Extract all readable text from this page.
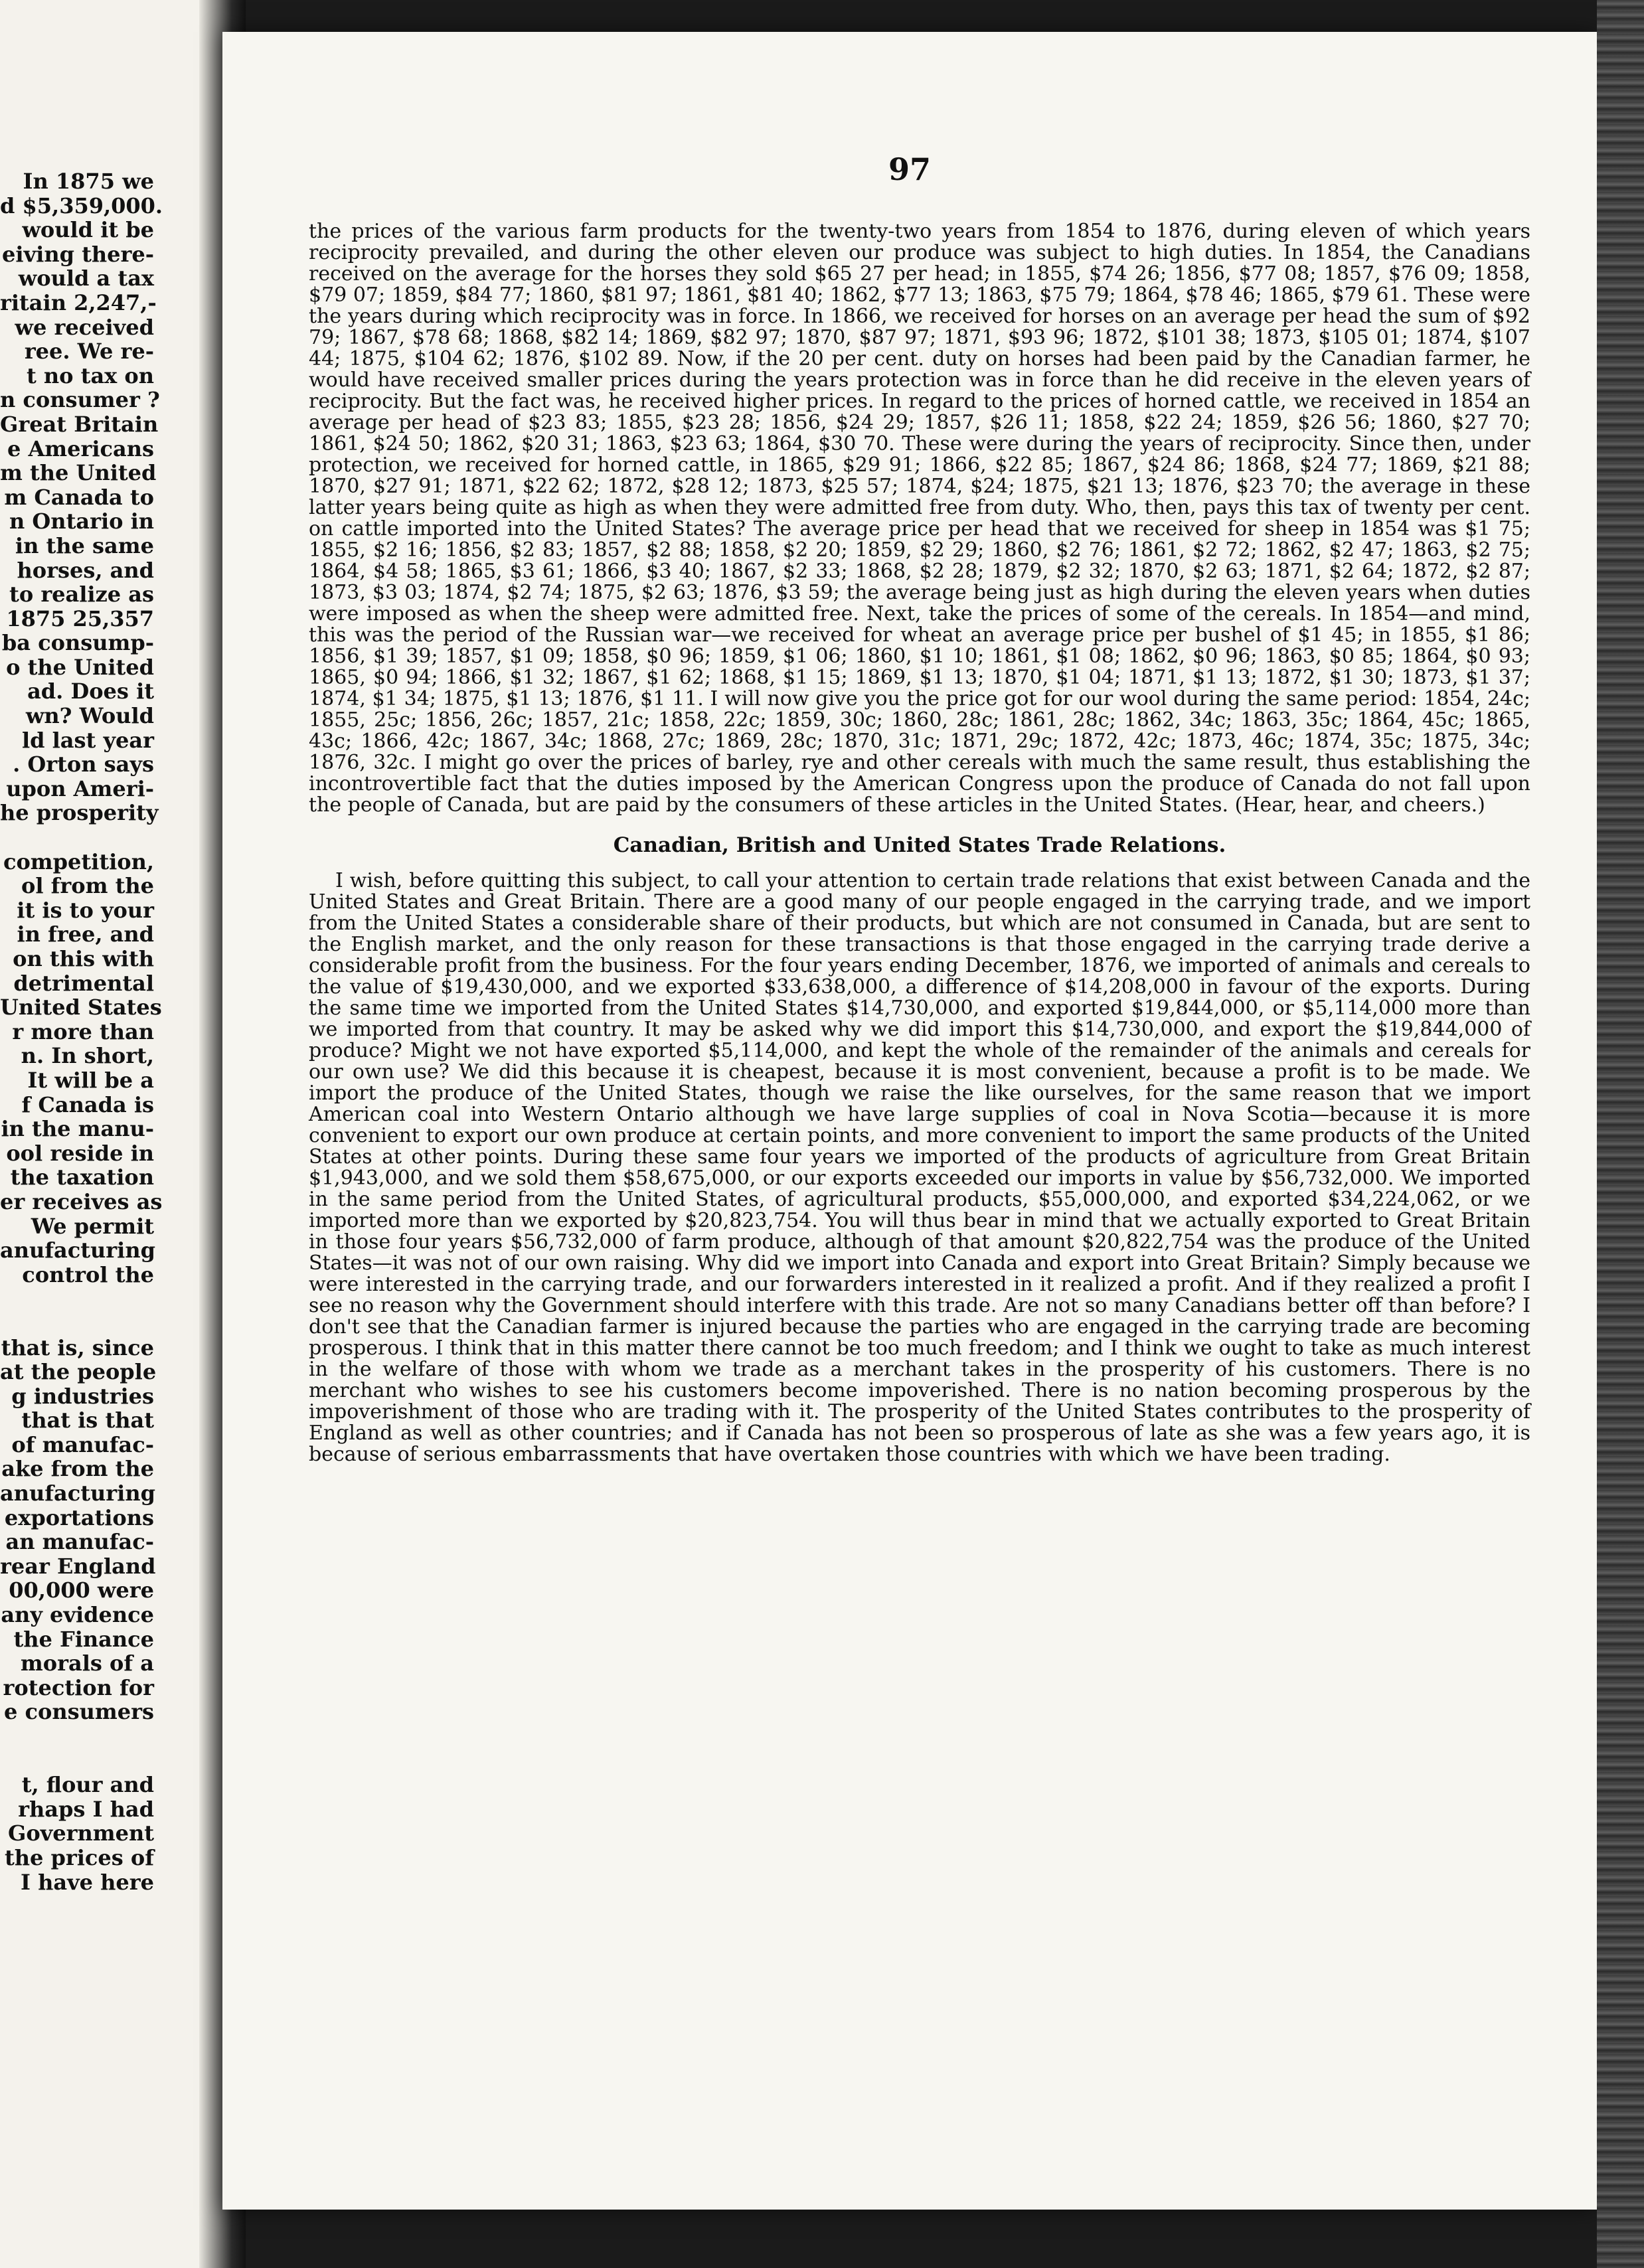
In 1875 we
d $5,359,000.
would it be
eiving there-
would a tax
ritain 2,247,-
we received
ree. We re-
t no tax on
n consumer ?
Great Britain
e Americans
m the United
m Canada to
n Ontario in
in the same
horses, and
to realize as
1875 25,357
ba consump-
o the United
ad. Does it
wn? Would
ld last year
. Orton says
upon Ameri-
he prosperity
competition,
ol from the
it is to your
in free, and
on this with
detrimental
United States
r more than
n. In short,
It will be a
f Canada is
in the manu-
ool reside in
the taxation
er receives as
We permit
anufacturing
control the
that is, since
at the people
g industries
that is that
of manufac-
ake from the
anufacturing
exportations
an manufac-
rear England
00,000 were
any evidence
the Finance
morals of a
rotection for
e consumers
t, flour and
rhaps I had
Government
the prices of
I have here
97

the prices of the various farm products for the twenty-two years from 1854 to 1876, during eleven of which years reciprocity prevailed, and during the other eleven our produce was subject to high duties. In 1854, the Canadians received on the average for the horses they sold $65 27 per head; in 1855, $74 26; 1856, $77 08; 1857, $76 09; 1858, $79 07; 1859, $84 77; 1860, $81 97; 1861, $81 40; 1862, $77 13; 1863, $75 79; 1864, $78 46; 1865, $79 61. These were the years during which reciprocity was in force. In 1866, we received for horses on an average per head the sum of $92 79; 1867, $78 68; 1868, $82 14; 1869, $82 97; 1870, $87 97; 1871, $93 96; 1872, $101 38; 1873, $105 01; 1874, $107 44; 1875, $104 62; 1876, $102 89. Now, if the 20 per cent. duty on horses had been paid by the Canadian farmer, he would have received smaller prices during the years protection was in force than he did receive in the eleven years of reciprocity. But the fact was, he received higher prices. In regard to the prices of horned cattle, we received in 1854 an average per head of $23 83; 1855, $23 28; 1856, $24 29; 1857, $26 11; 1858, $22 24; 1859, $26 56; 1860, $27 70; 1861, $24 50; 1862, $20 31; 1863, $23 63; 1864, $30 70. These were during the years of reciprocity. Since then, under protection, we received for horned cattle, in 1865, $29 91; 1866, $22 85; 1867, $24 86; 1868, $24 77; 1869, $21 88; 1870, $27 91; 1871, $22 62; 1872, $28 12; 1873, $25 57; 1874, $24; 1875, $21 13; 1876, $23 70; the average in these latter years being quite as high as when they were admitted free from duty. Who, then, pays this tax of twenty per cent. on cattle imported into the United States? The average price per head that we received for sheep in 1854 was $1 75; 1855, $2 16; 1856, $2 83; 1857, $2 88; 1858, $2 20; 1859, $2 29; 1860, $2 76; 1861, $2 72; 1862, $2 47; 1863, $2 75; 1864, $4 58; 1865, $3 61; 1866, $3 40; 1867, $2 33; 1868, $2 28; 1879, $2 32; 1870, $2 63; 1871, $2 64; 1872, $2 87; 1873, $3 03; 1874, $2 74; 1875, $2 63; 1876, $3 59; the average being just as high during the eleven years when duties were imposed as when the sheep were admitted free. Next, take the prices of some of the cereals. In 1854—and mind, this was the period of the Russian war—we received for wheat an average price per bushel of $1 45; in 1855, $1 86; 1856, $1 39; 1857, $1 09; 1858, $0 96; 1859, $1 06; 1860, $1 10; 1861, $1 08; 1862, $0 96; 1863, $0 85; 1864, $0 93; 1865, $0 94; 1866, $1 32; 1867, $1 62; 1868, $1 15; 1869, $1 13; 1870, $1 04; 1871, $1 13; 1872, $1 30; 1873, $1 37; 1874, $1 34; 1875, $1 13; 1876, $1 11. I will now give you the price got for our wool during the same period: 1854, 24c; 1855, 25c; 1856, 26c; 1857, 21c; 1858, 22c; 1859, 30c; 1860, 28c; 1861, 28c; 1862, 34c; 1863, 35c; 1864, 45c; 1865, 43c; 1866, 42c; 1867, 34c; 1868, 27c; 1869, 28c; 1870, 31c; 1871, 29c; 1872, 42c; 1873, 46c; 1874, 35c; 1875, 34c; 1876, 32c. I might go over the prices of barley, rye and other cereals with much the same result, thus establishing the incontrovertible fact that the duties imposed by the American Congress upon the produce of Canada do not fall upon the people of Canada, but are paid by the consumers of these articles in the United States. (Hear, hear, and cheers.)

Canadian, British and United States Trade Relations.

I wish, before quitting this subject, to call your attention to certain trade relations that exist between Canada and the United States and Great Britain. There are a good many of our people engaged in the carrying trade, and we import from the United States a considerable share of their products, but which are not consumed in Canada, but are sent to the English market, and the only reason for these transactions is that those engaged in the carrying trade derive a considerable profit from the business. For the four years ending December, 1876, we imported of animals and cereals to the value of $19,430,000, and we exported $33,638,000, a difference of $14,208,000 in favour of the exports. During the same time we imported from the United States $14,730,000, and exported $19,844,000, or $5,114,000 more than we imported from that country. It may be asked why we did import this $14,730,000, and export the $19,844,000 of produce? Might we not have exported $5,114,000, and kept the whole of the remainder of the animals and cereals for our own use? We did this because it is cheapest, because it is most convenient, because a profit is to be made. We import the produce of the United States, though we raise the like ourselves, for the same reason that we import American coal into Western Ontario although we have large supplies of coal in Nova Scotia—because it is more convenient to export our own produce at certain points, and more convenient to import the same products of the United States at other points. During these same four years we imported of the products of agriculture from Great Britain $1,943,000, and we sold them $58,675,000, or our exports exceeded our imports in value by $56,732,000. We imported in the same period from the United States, of agricultural products, $55,000,000, and exported $34,224,062, or we imported more than we exported by $20,823,754. You will thus bear in mind that we actually exported to Great Britain in those four years $56,732,000 of farm produce, although of that amount $20,822,754 was the produce of the United States—it was not of our own raising. Why did we import into Canada and export into Great Britain? Simply because we were interested in the carrying trade, and our forwarders interested in it realized a profit. And if they realized a profit I see no reason why the Government should interfere with this trade. Are not so many Canadians better off than before? I don't see that the Canadian farmer is injured because the parties who are engaged in the carrying trade are becoming prosperous. I think that in this matter there cannot be too much freedom; and I think we ought to take as much interest in the welfare of those with whom we trade as a merchant takes in the prosperity of his customers. There is no merchant who wishes to see his customers become impoverished. There is no nation becoming prosperous by the impoverishment of those who are trading with it. The prosperity of the United States contributes to the prosperity of England as well as other countries; and if Canada has not been so prosperous of late as she was a few years ago, it is because of serious embarrassments that have overtaken those countries with which we have been trading.
